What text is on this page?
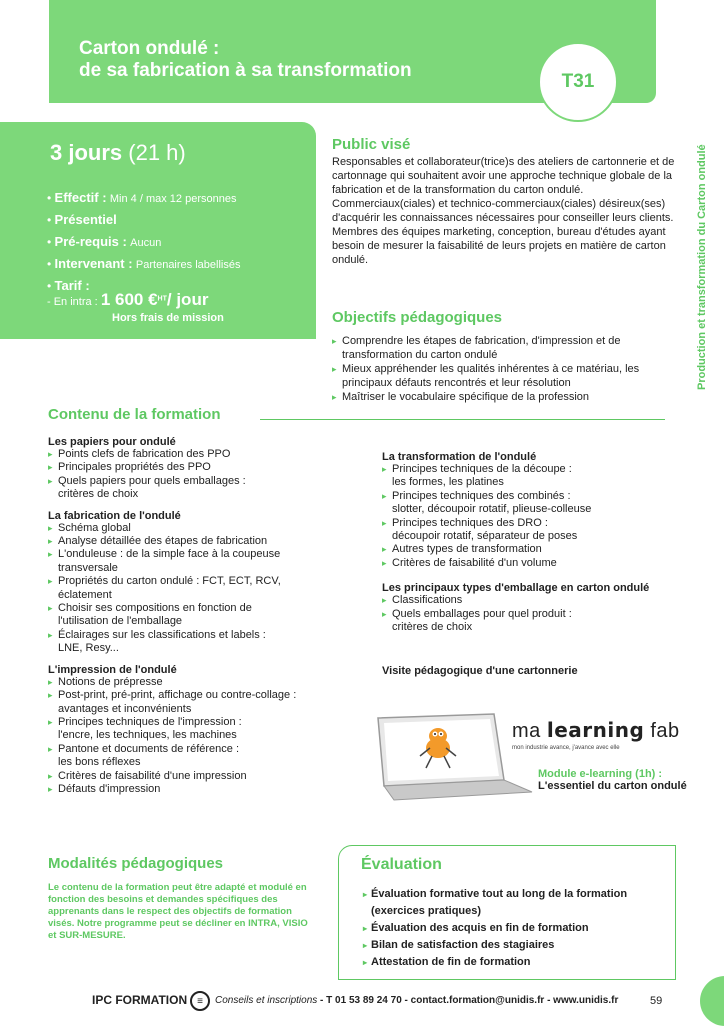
Carton ondulé :
de sa fabrication à sa transformation
T31
Production et transformation du Carton ondulé
3 jours (21 h)
• Effectif : Min 4 / max 12 personnes
• Présentiel
• Pré-requis : Aucun
• Intervenant : Partenaires labellisés
• Tarif :
- En intra : 1 600 €$^{HT}$/ jour
Hors frais de mission
Public visé

Responsables et collaborateur(trice)s des ateliers de cartonnerie et de cartonnage qui souhaitent avoir une approche technique globale de la fabrication et de la transformation du carton ondulé. Commerciaux(ciales) et technico-commerciaux(ciales) désireux(ses) d'acquérir les connaissances nécessaires pour conseiller leurs clients.

Membres des équipes marketing, conception, bureau d'études ayant besoin de mesurer la faisabilité de leurs projets en matière de carton ondulé.

Objectifs pédagogiques
▸ Comprendre les étapes de fabrication, d'impression et de transformation du carton ondulé
▸ Mieux appréhender les qualités inhérentes à ce matériau, les principaux défauts rencontrés et leur résolution
▸ Maîtriser le vocabulaire spécifique de la profession
Contenu de la formation
Les papiers pour ondulé
▸ Points clefs de fabrication des PPO
▸ Principales propriétés des PPO
▸ Quels papiers pour quels emballages :
critères de choix
La fabrication de l'ondulé
▸ Schéma global
▸ Analyse détaillée des étapes de fabrication
▸ L'onduleuse : de la simple face à la coupeuse
transversale
▸ Propriétés du carton ondulé : FCT, ECT, RCV,
éclatement
▸ Choisir ses compositions en fonction de
l'utilisation de l'emballage
▸ Éclairages sur les classifications et labels :
LNE, Resy...
L'impression de l'ondulé
▸ Notions de prépresse
▸ Post-print, pré-print, affichage ou contre-collage :
avantages et inconvénients
▸ Principes techniques de l'impression :
l'encre, les techniques, les machines
▸ Pantone et documents de référence :
les bons réflexes
▸ Critères de faisabilité d'une impression
▸ Défauts d'impression
La transformation de l'ondulé
▸ Principes techniques de la découpe :
les formes, les platines
▸ Principes techniques des combinés :
slotter, découpoir rotatif, plieuse-colleuse
▸ Principes techniques des DRO :
découpoir rotatif, séparateur de poses
▸ Autres types de transformation
▸ Critères de faisabilité d'un volume
Les principaux types d'emballage en carton ondulé
▸ Classifications
▸ Quels emballages pour quel produit :
critères de choix
Visite pédagogique d'une cartonnerie
ma learning fab
mon industrie avance, j'avance avec elle
Module e-learning (1h) :
L'essentiel du carton ondulé
Modalités pédagogiques

Le contenu de la formation peut être adapté et modulé en fonction des besoins et demandes spécifiques des apprenants dans le respect des objectifs de formation visés. Notre programme peut se décliner en INTRA, VISIO et SUR-MESURE.

Évaluation
▸ Évaluation formative tout au long de la formation (exercices pratiques)
▸ Évaluation des acquis en fin de formation
▸ Bilan de satisfaction des stagiaires
▸ Attestation de fin de formation
IPC FORMATION ≡	Conseils et inscriptions - T 01 53 89 24 70 - contact.formation@unidis.fr - www.unidis.fr	59
